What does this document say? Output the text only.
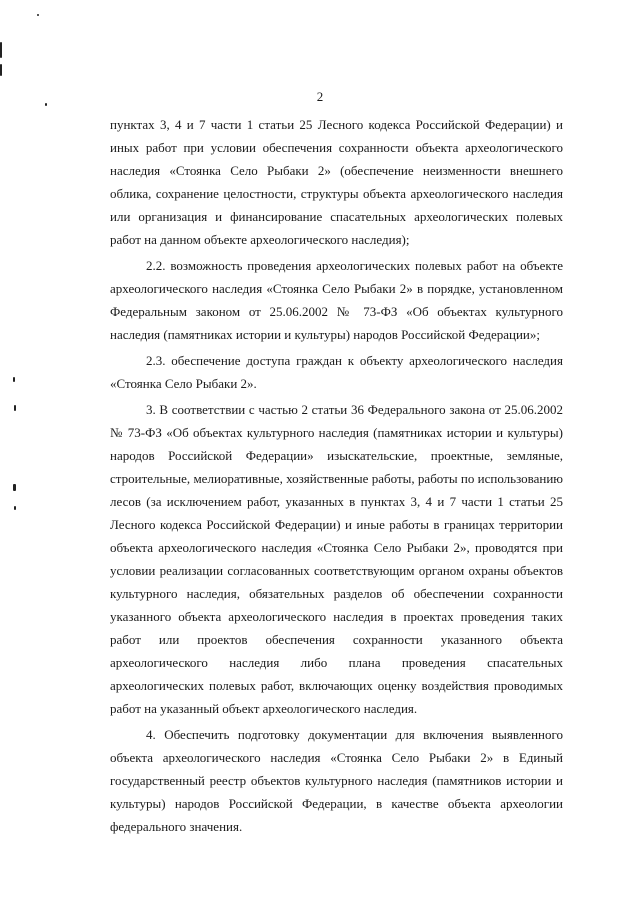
2

пунктах 3, 4 и 7 части 1 статьи 25 Лесного кодекса Российской Федерации) и иных работ при условии обеспечения сохранности объекта археологического наследия «Стоянка Село Рыбаки 2» (обеспечение неизменности внешнего облика, сохранение целостности, структуры объекта археологического наследия или организация и финансирование спасательных археологических полевых работ на данном объекте археологического наследия);

2.2. возможность проведения археологических полевых работ на объекте археологического наследия «Стоянка Село Рыбаки 2» в порядке, установленном Федеральным законом от 25.06.2002 № 73-ФЗ «Об объектах культурного наследия (памятниках истории и культуры) народов Российской Федерации»;

2.3. обеспечение доступа граждан к объекту археологического наследия «Стоянка Село Рыбаки 2».

3. В соответствии с частью 2 статьи 36 Федерального закона от 25.06.2002 № 73-ФЗ «Об объектах культурного наследия (памятниках истории и культуры) народов Российской Федерации» изыскательские, проектные, земляные, строительные, мелиоративные, хозяйственные работы, работы по использованию лесов (за исключением работ, указанных в пунктах 3, 4 и 7 части 1 статьи 25 Лесного кодекса Российской Федерации) и иные работы в границах территории объекта археологического наследия «Стоянка Село Рыбаки 2», проводятся при условии реализации согласованных соответствующим органом охраны объектов культурного наследия, обязательных разделов об обеспечении сохранности указанного объекта археологического наследия в проектах проведения таких работ или проектов обеспечения сохранности указанного объекта археологического наследия либо плана проведения спасательных археологических полевых работ, включающих оценку воздействия проводимых работ на указанный объект археологического наследия.

4. Обеспечить подготовку документации для включения выявленного объекта археологического наследия «Стоянка Село Рыбаки 2» в Единый государственный реестр объектов культурного наследия (памятников истории и культуры) народов Российской Федерации, в качестве объекта археологии федерального значения.
